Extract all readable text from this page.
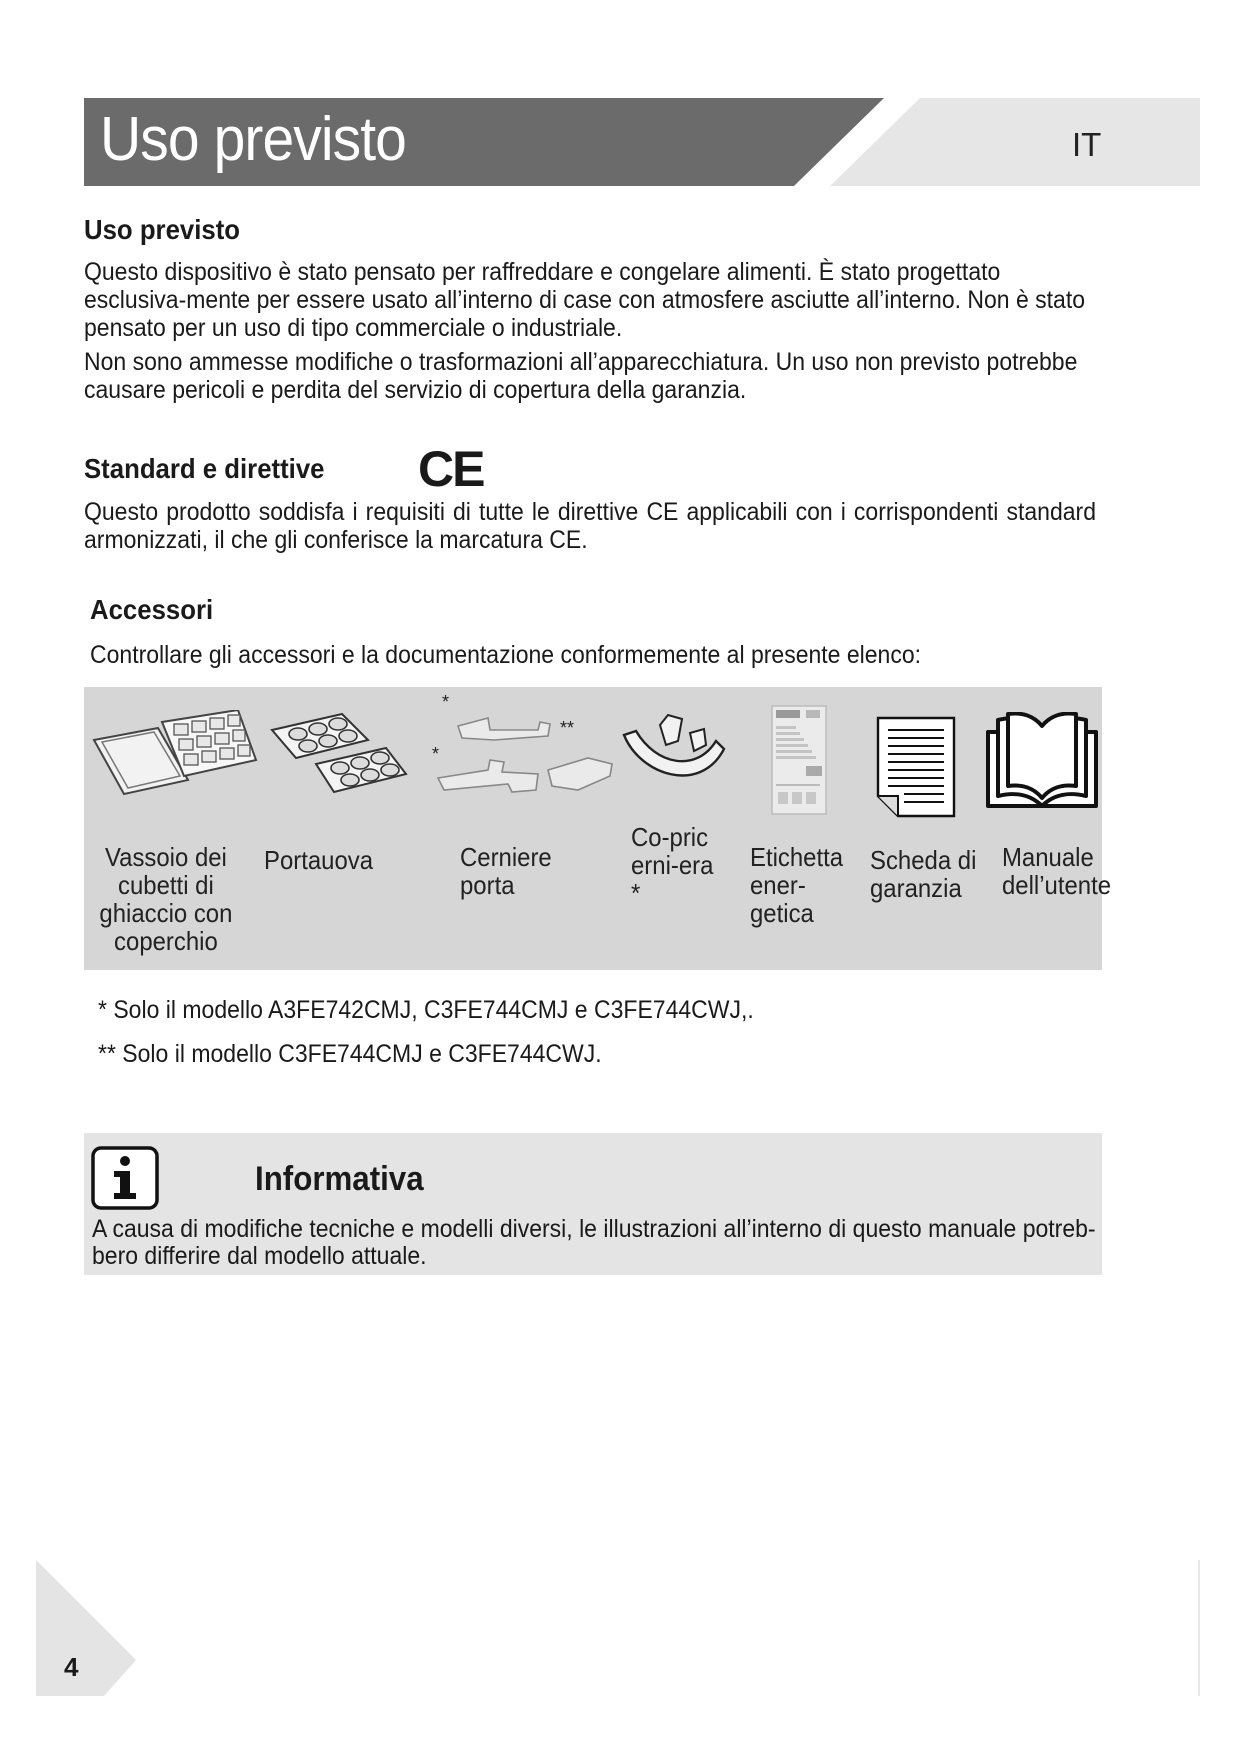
Uso previsto	IT
Uso previsto
Questo dispositivo è stato pensato per raffreddare e congelare alimenti. È stato progettato esclusiva-mente per essere usato all’interno di case con atmosfere asciutte all’interno. Non è stato pensato per un uso di tipo commerciale o industriale.
Non sono ammesse modifiche o trasformazioni all’apparecchiatura. Un uso non previsto potrebbe causare pericoli e perdita del servizio di copertura della garanzia.
Standard e direttive CE
Questo prodotto soddisfa i requisiti di tutte le direttive CE applicabili con i corrispondenti standard armonizzati, il che gli conferisce la marcatura CE.
Accessori
Controllare gli accessori e la documentazione conformemente al presente elenco:
*
*
**
Vassoio dei cubetti di ghiaccio con coperchio
Portauova	Cerniere porta
Co-pricerni-era*
Etichetta ener-getica
Scheda di garanzia
Manuale dell’utente
* Solo il modello A3FE742CMJ, C3FE744CMJ e C3FE744CWJ,.
** Solo il modello C3FE744CMJ e C3FE744CWJ.
Informativa
A causa di modifiche tecniche e modelli diversi, le illustrazioni all’interno di questo manuale potreb-bero differire dal modello attuale.
4
